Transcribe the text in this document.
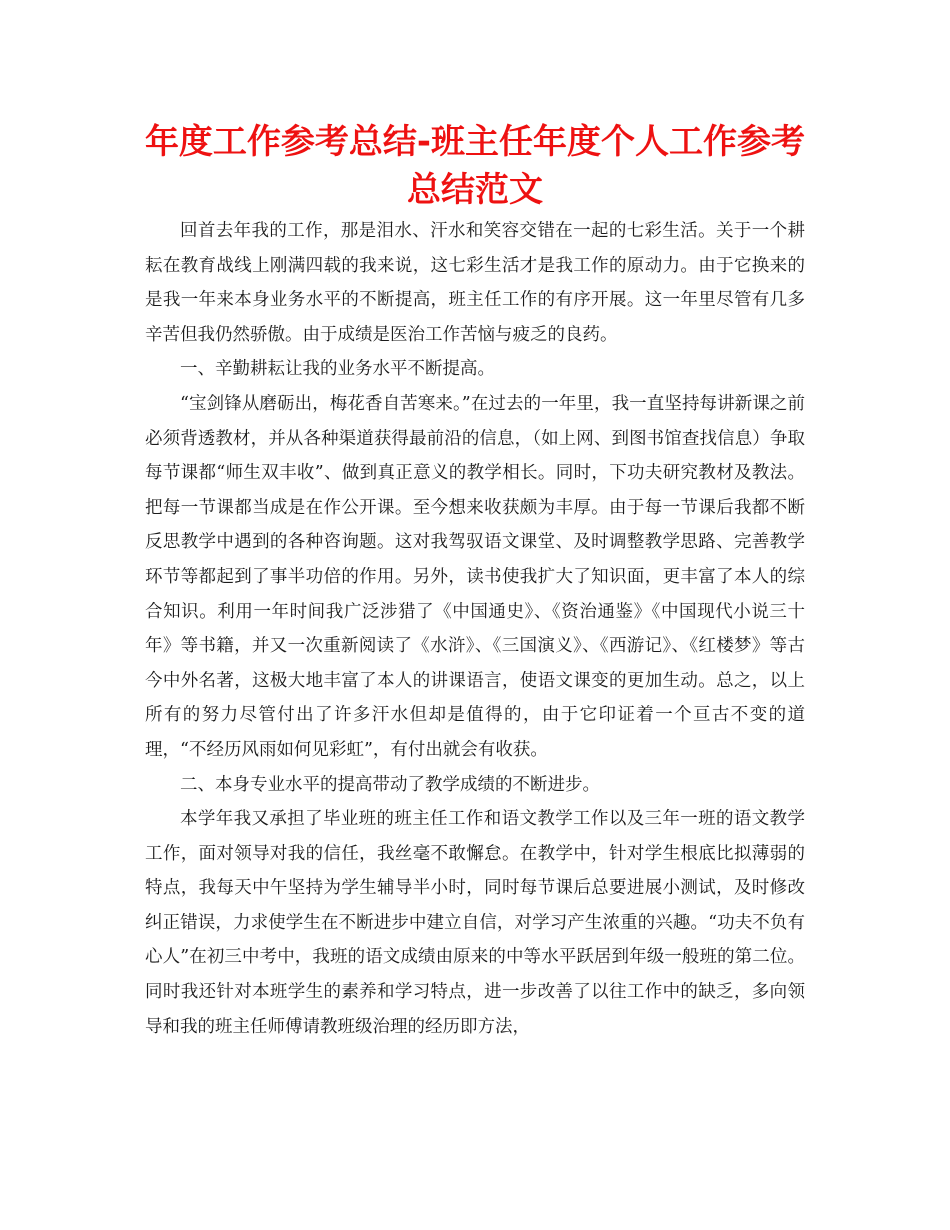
年度工作参考总结-班主任年度个人工作参考总结范文

回首去年我的工作，那是泪水、汗水和笑容交错在一起的七彩生活。关于一个耕耘在教育战线上刚满四载的我来说，这七彩生活才是我工作的原动力。由于它换来的是我一年来本身业务水平的不断提高，班主任工作的有序开展。这一年里尽管有几多辛苦但我仍然骄傲。由于成绩是医治工作苦恼与疲乏的良药。

一、辛勤耕耘让我的业务水平不断提高。

“宝剑锋从磨砺出，梅花香自苦寒来。”在过去的一年里，我一直坚持每讲新课之前必须背透教材，并从各种渠道获得最前沿的信息，（如上网、到图书馆查找信息）争取每节课都“师生双丰收”、做到真正意义的教学相长。同时，下功夫研究教材及教法。把每一节课都当成是在作公开课。至今想来收获颇为丰厚。由于每一节课后我都不断反思教学中遇到的各种咨询题。这对我驾驭语文课堂、及时调整教学思路、完善教学环节等都起到了事半功倍的作用。另外，读书使我扩大了知识面，更丰富了本人的综合知识。利用一年时间我广泛涉猎了《中国通史》、《资治通鉴》《中国现代小说三十年》等书籍，并又一次重新阅读了《水浒》、《三国演义》、《西游记》、《红楼梦》等古今中外名著，这极大地丰富了本人的讲课语言，使语文课变的更加生动。总之，以上所有的努力尽管付出了许多汗水但却是值得的，由于它印证着一个亘古不变的道理，“不经历风雨如何见彩虹”，有付出就会有收获。

二、本身专业水平的提高带动了教学成绩的不断进步。

本学年我又承担了毕业班的班主任工作和语文教学工作以及三年一班的语文教学工作，面对领导对我的信任，我丝毫不敢懈怠。在教学中，针对学生根底比拟薄弱的特点，我每天中午坚持为学生辅导半小时，同时每节课后总要进展小测试，及时修改纠正错误，力求使学生在不断进步中建立自信，对学习产生浓重的兴趣。“功夫不负有心人”在初三中考中，我班的语文成绩由原来的中等水平跃居到年级一般班的第二位。同时我还针对本班学生的素养和学习特点，进一步改善了以往工作中的缺乏，多向领导和我的班主任师傅请教班级治理的经历即方法，
